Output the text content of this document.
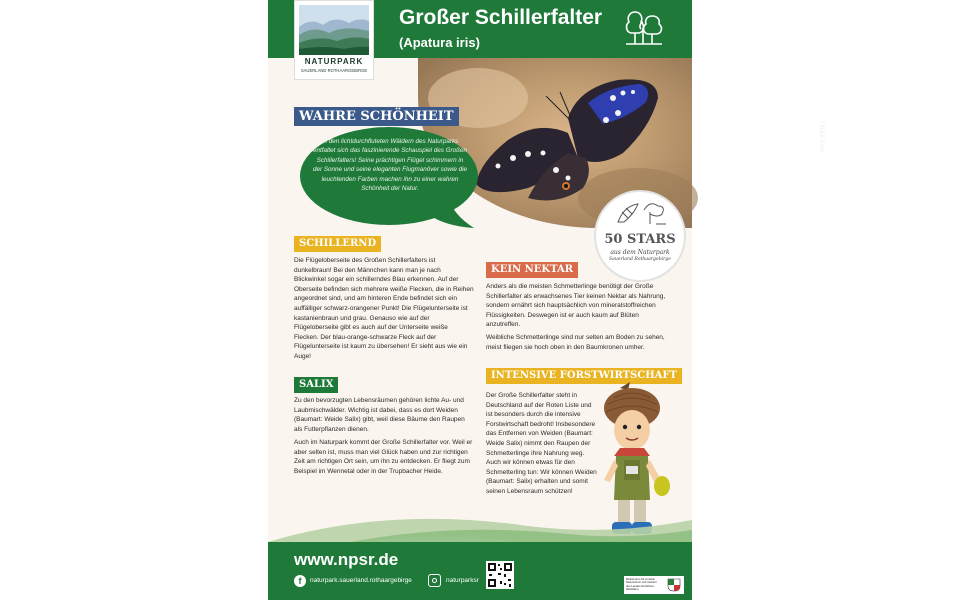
NATURPARK
SAUERLAND ROTHAARGEBIRGE
Großer Schillerfalter
(Apatura iris)
Phillip Pahl
WAHRE SCHÖNHEIT
In den lichtdurchfluteten Wäldern des Naturparks entfaltet sich das faszinierende Schauspiel des Großen Schillerfalters! Seine prächtigen Flügel schimmern in der Sonne und seine eleganten Flugmanöver sowie die leuchtenden Farben machen ihn zu einer wahren Schönheit der Natur.
50 STARS
aus dem Naturpark
Sauerland Rothaargebirge
SCHILLERND
Die Flügeloberseite des Großen Schillerfalters ist dunkelbraun! Bei den Männchen kann man je nach Blickwinkel sogar ein schillerndes Blau erkennen. Auf der Oberseite befinden sich mehrere weiße Flecken, die in Reihen angeordnet sind, und am hinteren Ende befindet sich ein auffälliger schwarz-orangener Punkt! Die Flügelunterseite ist kastanienbraun und grau. Genauso wie auf der Flügeloberseite gibt es auch auf der Unterseite weiße Flecken. Der blau-orange-schwarze Fleck auf der Flügelunterseite ist kaum zu übersehen! Er sieht aus wie ein Auge!
SALIX
Zu den bevorzugten Lebensräumen gehören lichte Au- und Laubmischwälder. Wichtig ist dabei, dass es dort Weiden (Baumart: Weide Salix) gibt, weil diese Bäume den Raupen als Futterpflanzen dienen.
Auch im Naturpark kommt der Große Schillerfalter vor. Weil er aber selten ist, muss man viel Glück haben und zur richtigen Zeit am richtigen Ort sein, um ihn zu entdecken. Er fliegt zum Beispiel im Wennetal oder in der Trupbacher Heide.
KEIN NEKTAR
Anders als die meisten Schmetterlinge benötigt der Große Schillerfalter als erwachsenes Tier keinen Nektar als Nahrung, sondern ernährt sich hauptsächlich von mineralstoffreichen Flüssigkeiten. Deswegen ist er auch kaum auf Blüten anzutreffen.
Weibliche Schmetterlinge sind nur selten am Boden zu sehen, meist fliegen sie hoch oben in den Baumkronen umher.
INTENSIVE FORSTWIRTSCHAFT
Der Große Schillerfalter steht in Deutschland auf der Roten Liste und ist besonders durch die intensive Forstwirtschaft bedroht! Insbesondere das Entfernen von Weiden (Baumart: Weide Salix) nimmt den Raupen der Schmetterlinge ihre Nahrung weg. Auch wir können etwas für den Schmetterling tun: Wir können Weiden (Baumart: Salix) erhalten und somit seinen Lebensraum schützen!
www.npsr.de
f	naturpark.sauerland.rothaargebirge	naturparksr	Ministerium für Umwelt, Naturschutz und Verkehr des Landes Nordrhein-Westfalen
